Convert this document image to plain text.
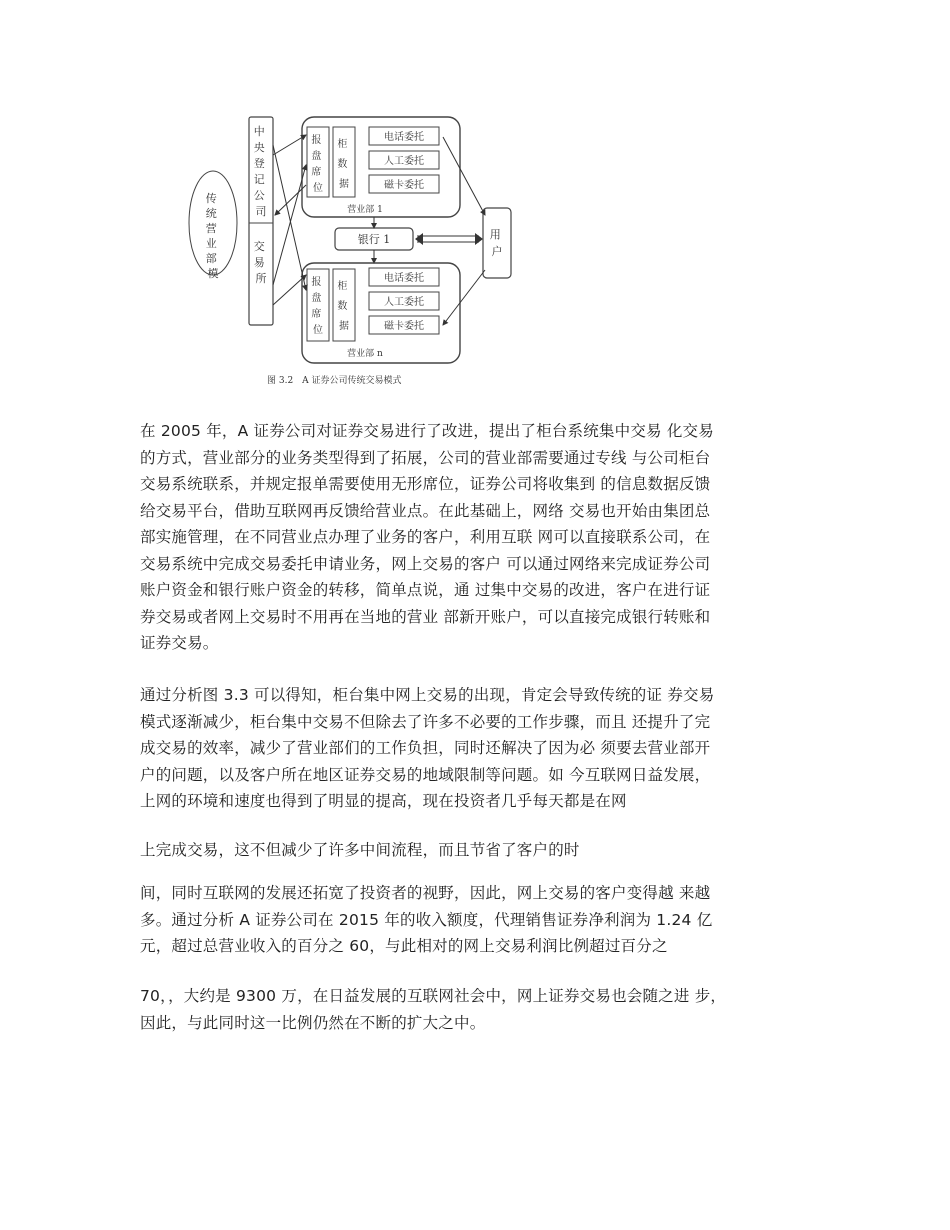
传 统 营 业 部 模
中 央 登 记 公 司
交 易 所
报 盘 席 位
柜 数 据
电话委托
人工委托
磁卡委托
营业部 1
银行 1
报 盘 席 位
柜 数 据
电话委托
人工委托
磁卡委托
营业部 n
用 户
图 3.2　A 证券公司传统交易模式

在 2005 年，A 证券公司对证券交易进行了改进，提出了柜台系统集中交易 化交易
的方式，营业部分的业务类型得到了拓展，公司的营业部需要通过专线 与公司柜台
交易系统联系，并规定报单需要使用无形席位，证券公司将收集到 的信息数据反馈
给交易平台，借助互联网再反馈给营业点。在此基础上，网络 交易也开始由集团总
部实施管理，在不同营业点办理了业务的客户，利用互联 网可以直接联系公司，在
交易系统中完成交易委托申请业务，网上交易的客户 可以通过网络来完成证券公司
账户资金和银行账户资金的转移，简单点说，通 过集中交易的改进，客户在进行证
券交易或者网上交易时不用再在当地的营业 部新开账户，可以直接完成银行转账和
证券交易。

通过分析图 3.3 可以得知，柜台集中网上交易的出现，肯定会导致传统的证 券交易
模式逐渐减少，柜台集中交易不但除去了许多不必要的工作步骤，而且 还提升了完
成交易的效率，减少了营业部们的工作负担，同时还解决了因为必 须要去营业部开
户的问题，以及客户所在地区证券交易的地域限制等问题。如 今互联网日益发展，
上网的环境和速度也得到了明显的提高，现在投资者几乎每天都是在网

上完成交易，这不但减少了许多中间流程，而且节省了客户的时

间，同时互联网的发展还拓宽了投资者的视野，因此，网上交易的客户变得越 来越
多。通过分析 A 证券公司在 2015 年的收入额度，代理销售证券净利润为 1.24 亿
元，超过总营业收入的百分之 60，与此相对的网上交易利润比例超过百分之

70，，大约是 9300 万，在日益发展的互联网社会中，网上证券交易也会随之进 步，
因此，与此同时这一比例仍然在不断的扩大之中。
